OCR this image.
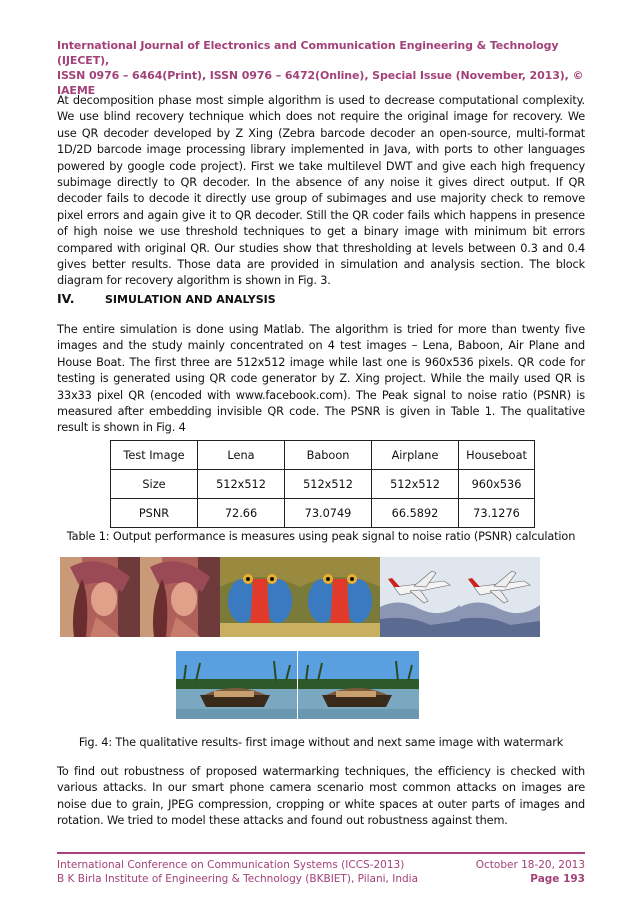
International Journal of Electronics and Communication Engineering & Technology (IJECET),
ISSN 0976 – 6464(Print), ISSN 0976 – 6472(Online), Special Issue (November, 2013), © IAEME
At decomposition phase most simple algorithm is used to decrease computational complexity. We use blind recovery technique which does not require the original image for recovery. We use QR decoder developed by Z Xing (Zebra barcode decoder an open-source, multi-format 1D/2D barcode image processing library implemented in Java, with ports to other languages powered by google code project). First we take multilevel DWT and give each high frequency subimage directly to QR decoder. In the absence of any noise it gives direct output. If QR decoder fails to decode it directly use group of subimages and use majority check to remove pixel errors and again give it to QR decoder. Still the QR coder fails which happens in presence of high noise we use threshold techniques to get a binary image with minimum bit errors compared with original QR. Our studies show that thresholding at levels between 0.3 and 0.4 gives better results. Those data are provided in simulation and analysis section. The block diagram for recovery algorithm is shown in Fig. 3.
IV.	SIMULATION AND ANALYSIS
The entire simulation is done using Matlab. The algorithm is tried for more than twenty five images and the study mainly concentrated on 4 test images – Lena, Baboon, Air Plane and House Boat. The first three are 512x512 image while last one is 960x536 pixels. QR code for testing is generated using QR code generator by Z. Xing project. While the maily used QR is 33x33 pixel QR (encoded with www.facebook.com). The Peak signal to noise ratio (PSNR) is measured after embedding invisible QR code. The PSNR is given in Table 1. The qualitative result is shown in Fig. 4
Test Image	Lena	Baboon	Airplane	Houseboat
Size	512x512	512x512	512x512	960x536
PSNR	72.66	73.0749	66.5892	73.1276
Table 1: Output performance is measures using peak signal to noise ratio (PSNR) calculation
Fig. 4: The qualitative results- first image without and next same image with watermark
To find out robustness of proposed watermarking techniques, the efficiency is checked with various attacks. In our smart phone camera scenario most common attacks on images are noise due to grain, JPEG compression, cropping or white spaces at outer parts of images and rotation. We tried to model these attacks and found out robustness against them.
International Conference on Communication Systems (ICCS-2013)	October 18-20, 2013
B K Birla Institute of Engineering & Technology (BKBIET), Pilani, India	Page 193
